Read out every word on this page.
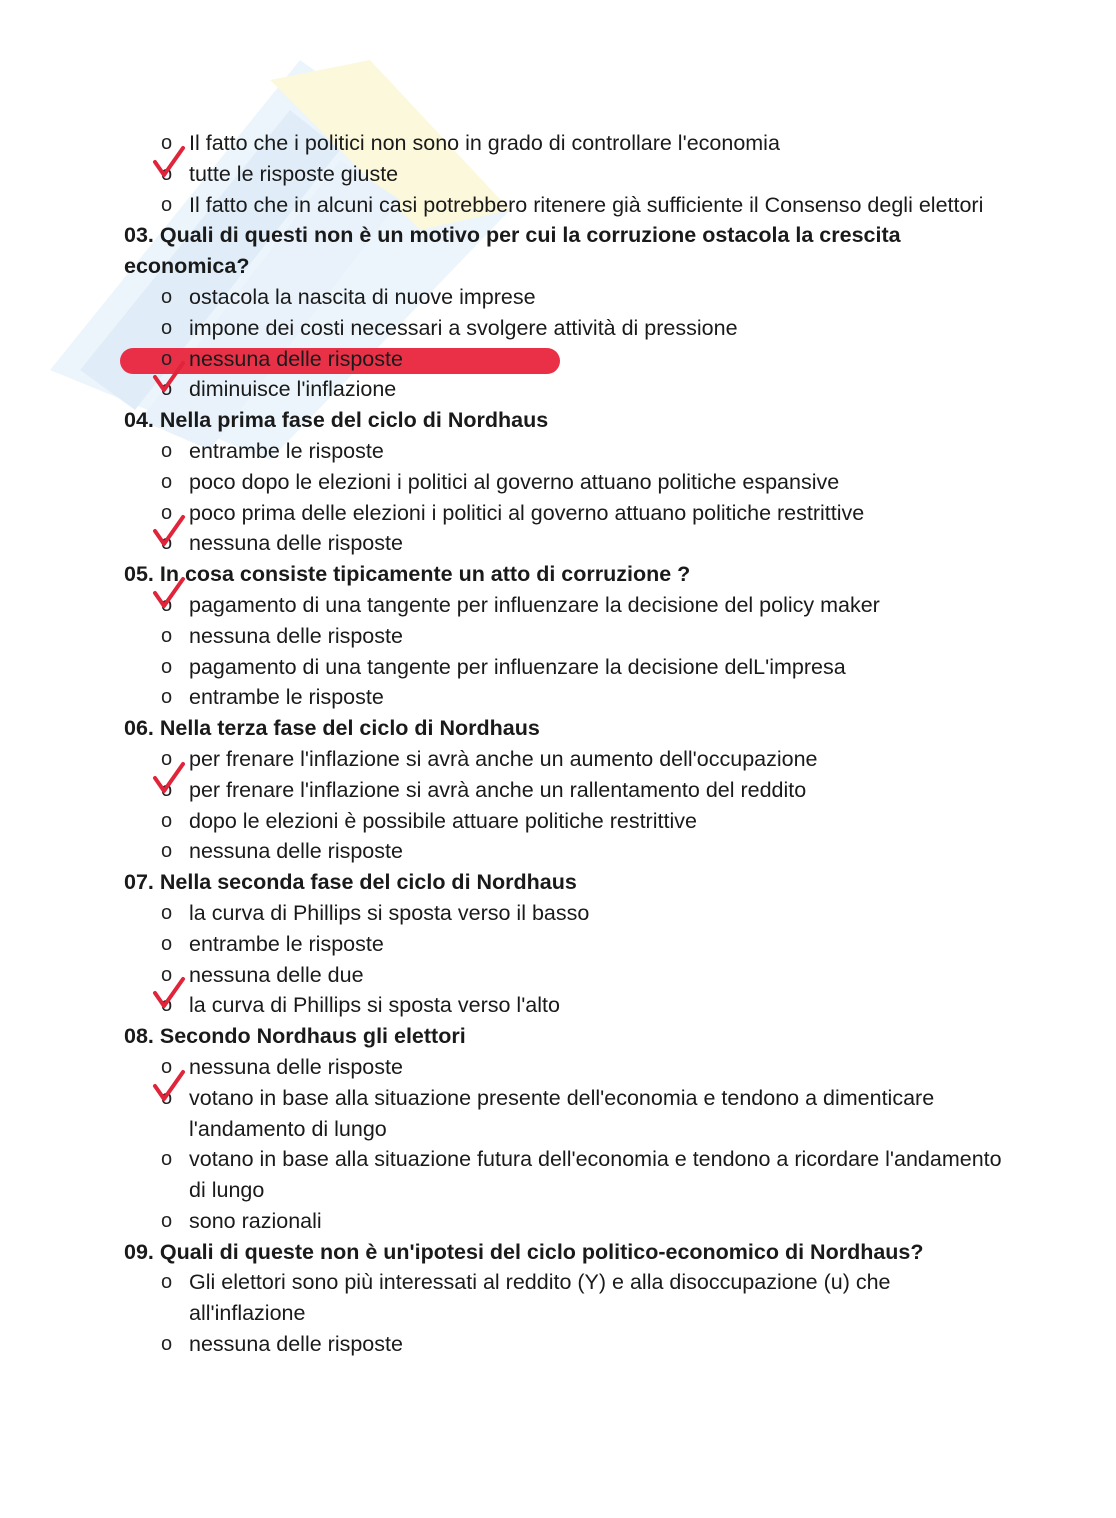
o Il fatto che i politici non sono in grado di controllare l'economia
o tutte le risposte giuste
o Il fatto che in alcuni casi potrebbero ritenere già sufficiente il Consenso degli elettori
03. Quali di questi non è un motivo per cui la corruzione ostacola la crescita economica?
o ostacola la nascita di nuove imprese
o impone dei costi necessari a svolgere attività di pressione
o nessuna delle risposte
o diminuisce l'inflazione
04. Nella prima fase del ciclo di Nordhaus
o entrambe le risposte
o poco dopo le elezioni i politici al governo attuano politiche espansive
o poco prima delle elezioni i politici al governo attuano politiche restrittive
o nessuna delle risposte
05. In cosa consiste tipicamente un atto di corruzione ?
o pagamento di una tangente per influenzare la decisione del policy maker
o nessuna delle risposte
o pagamento di una tangente per influenzare la decisione delL'impresa
o entrambe le risposte
06. Nella terza fase del ciclo di Nordhaus
o per frenare l'inflazione si avrà anche un aumento dell'occupazione
o per frenare l'inflazione si avrà anche un rallentamento del reddito
o dopo le elezioni è possibile attuare politiche restrittive
o nessuna delle risposte
07. Nella seconda fase del ciclo di Nordhaus
o la curva di Phillips si sposta verso il basso
o entrambe le risposte
o nessuna delle due
o la curva di Phillips si sposta verso l'alto
08. Secondo Nordhaus gli elettori
o nessuna delle risposte
o votano in base alla situazione presente dell'economia e tendono a dimenticare l'andamento di lungo
o votano in base alla situazione futura dell'economia e tendono a ricordare l'andamento di lungo
o sono razionali
09. Quali di queste non è un'ipotesi del ciclo politico-economico di Nordhaus?
o Gli elettori sono più interessati al reddito (Y) e alla disoccupazione (u) che all'inflazione
o nessuna delle risposte
